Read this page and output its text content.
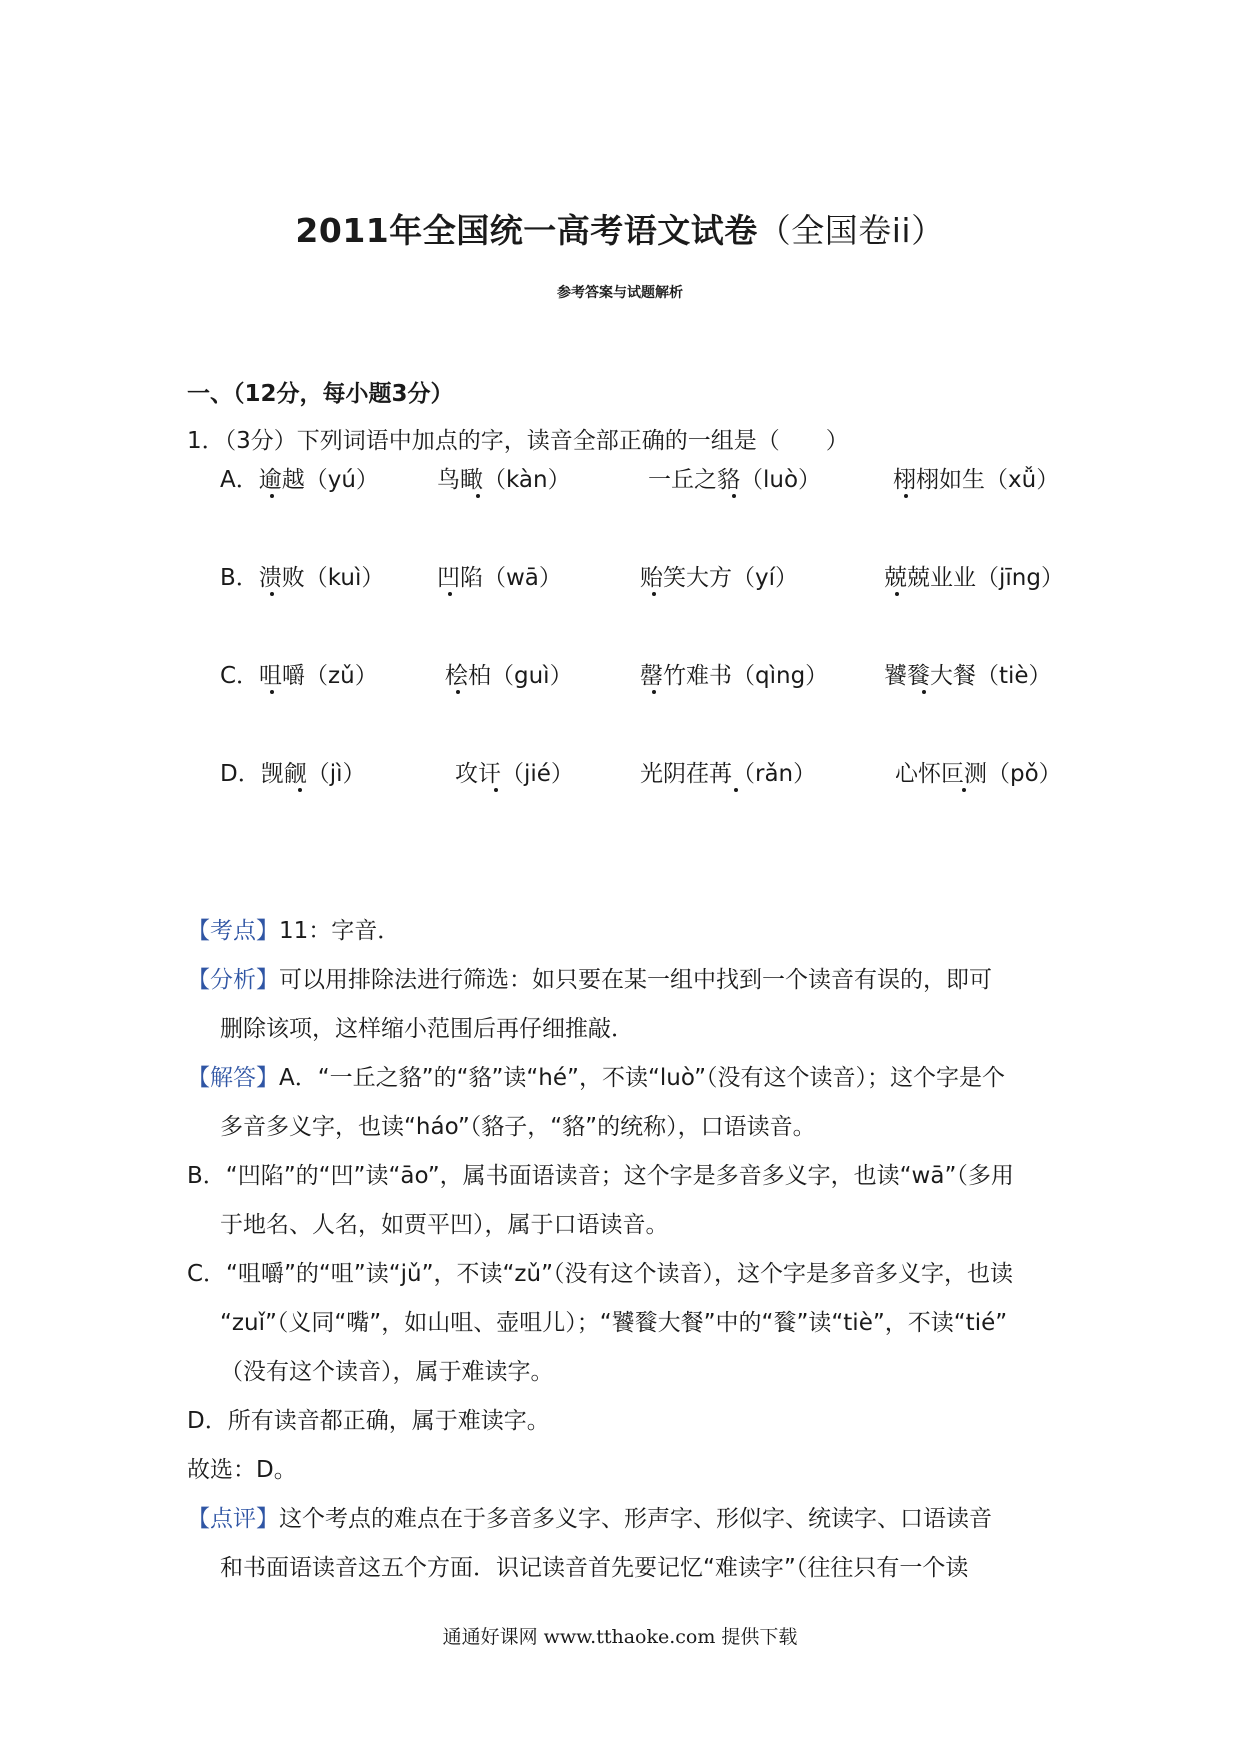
2011年全国统一高考语文试卷（全国卷ii）
参考答案与试题解析
一、（12分，每小题3分）
1．（3分）下列词语中加点的字，读音全部正确的一组是（　　）
A．逾越（yú）	鸟瞰（kàn）	一丘之貉（luò）	栩栩如生（xǚ）
B．溃败（kuì） 凹陷（wā）	贻笑大方（yí）	兢兢业业（jīng）
C．咀嚼（zǔ）	桧柏（guì）	罄竹难书（qìng） 饕餮大餐（tiè）
D．觊觎（jì）	攻讦（jié）	光阴荏苒（rǎn）	心怀叵测（pǒ）
【考点】11：字音．
【分析】可以用排除法进行筛选：如只要在某一组中找到一个读音有误的，即可
删除该项，这样缩小范围后再仔细推敲．
【解答】A．“一丘之貉”的“貉”读“hé”，不读“luò”（没有这个读音）；这个字是个
多音多义字，也读“háo”（貉子，“貉”的统称），口语读音。
B．“凹陷”的“凹”读“āo”，属书面语读音；这个字是多音多义字，也读“wā”（多用
于地名、人名，如贾平凹），属于口语读音。
C．“咀嚼”的“咀”读“jǔ”，不读“zǔ”（没有这个读音），这个字是多音多义字，也读
“zuǐ”（义同“嘴”，如山咀、壶咀儿）；“饕餮大餐”中的“餮”读“tiè”，不读“tié”
（没有这个读音），属于难读字。
D．所有读音都正确，属于难读字。
故选：D。
【点评】这个考点的难点在于多音多义字、形声字、形似字、统读字、口语读音
和书面语读音这五个方面．识记读音首先要记忆“难读字”（往往只有一个读
通通好课网 www.tthaoke.com 提供下载
